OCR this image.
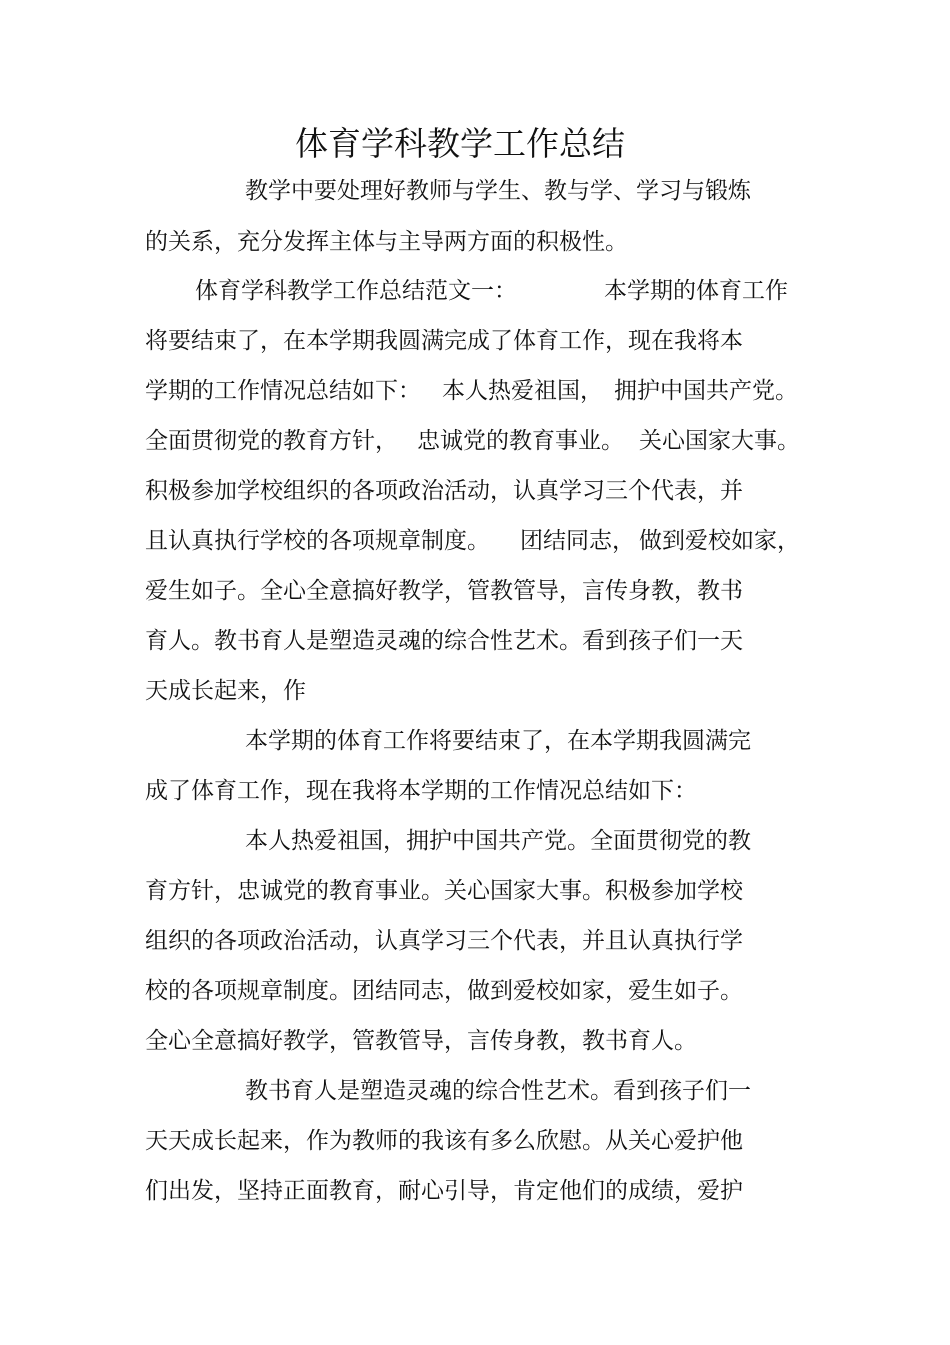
体育学科教学工作总结
教学中要处理好教师与学生、教与学、学习与锻炼
的关系，充分发挥主体与主导两方面的积极性。
体育学科教学工作总结范文一：	本学期的体育工作
将要结束了，在本学期我圆满完成了体育工作，现在我将本
学期的工作情况总结如下： 本人热爱祖国， 拥护中国共产党。
全面贯彻党的教育方针， 忠诚党的教育事业。 关心国家大事。
积极参加学校组织的各项政治活动，认真学习三个代表，并
且认真执行学校的各项规章制度。 团结同志， 做到爱校如家，
爱生如子。全心全意搞好教学，管教管导，言传身教，教书
育人。教书育人是塑造灵魂的综合性艺术。看到孩子们一天
天成长起来，作
本学期的体育工作将要结束了，在本学期我圆满完
成了体育工作，现在我将本学期的工作情况总结如下：
本人热爱祖国，拥护中国共产党。全面贯彻党的教
育方针，忠诚党的教育事业。关心国家大事。积极参加学校
组织的各项政治活动，认真学习三个代表，并且认真执行学
校的各项规章制度。团结同志，做到爱校如家，爱生如子。
全心全意搞好教学，管教管导，言传身教，教书育人。
教书育人是塑造灵魂的综合性艺术。看到孩子们一
天天成长起来，作为教师的我该有多么欣慰。从关心爱护他
们出发，坚持正面教育，耐心引导，肯定他们的成绩，爱护
